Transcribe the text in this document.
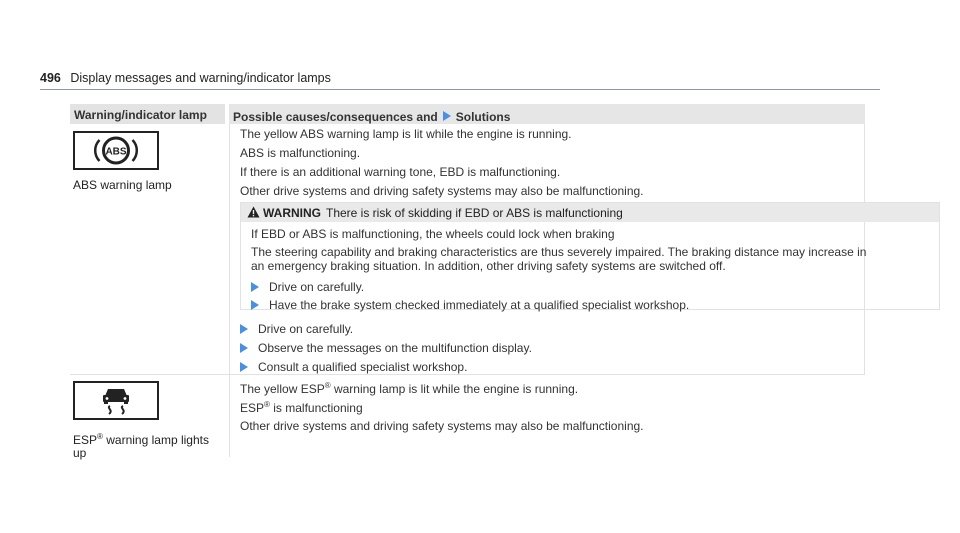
496 Display messages and warning/indicator lamps
Warning/indicator lamp	Possible causes/consequences and Solutions
ABS
ABS warning lamp
The yellow ABS warning lamp is lit while the engine is running.
ABS is malfunctioning.
If there is an additional warning tone, EBD is malfunctioning.
Other drive systems and driving safety systems may also be malfunctioning.
WARNING There is risk of skidding if EBD or ABS is malfunctioning
If EBD or ABS is malfunctioning, the wheels could lock when braking
The steering capability and braking characteristics are thus severely impaired. The braking distance may increase in
an emergency braking situation. In addition, other driving safety systems are switched off.
Drive on carefully.
Have the brake system checked immediately at a qualified specialist workshop.
Drive on carefully.
Observe the messages on the multifunction display.
Consult a qualified specialist workshop.
ESP® warning lamp lights
up
The yellow ESP® warning lamp is lit while the engine is running.
ESP® is malfunctioning
Other drive systems and driving safety systems may also be malfunctioning.
